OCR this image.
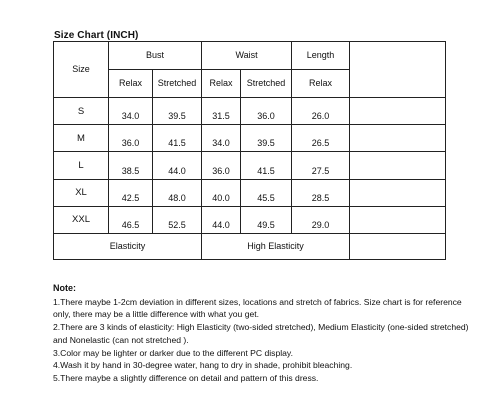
Size Chart (INCH)
Size	Bust		Waist		Length	
	Relax	Stretched	Relax	Stretched	Relax	
S	34.0	39.5	31.5	36.0	26.0	
M	36.0	41.5	34.0	39.5	26.5	
L	38.5	44.0	36.0	41.5	27.5	
XL	42.5	48.0	40.0	45.5	28.5	
XXL	46.5	52.5	44.0	49.5	29.0	
Elasticity			High Elasticity			
Note:

1.There maybe 1-2cm deviation in different sizes, locations and stretch of fabrics. Size chart is for reference only, there may be a little difference with what you get.

2.There are 3 kinds of elasticity: High Elasticity (two-sided stretched), Medium Elasticity (one-sided stretched) and Nonelastic (can not stretched ).

3.Color may be lighter or darker due to the different PC display.

4.Wash it by hand in 30-degree water, hang to dry in shade, prohibit bleaching.

5.There maybe a slightly difference on detail and pattern of this dress.
